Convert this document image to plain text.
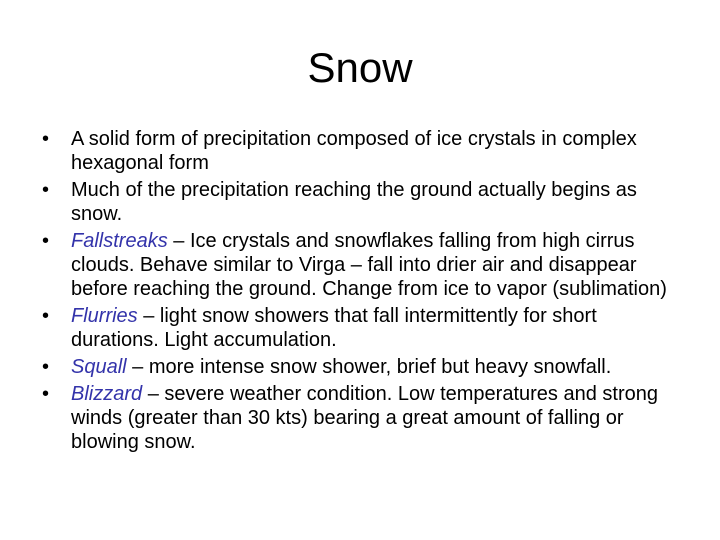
Snow
•	A solid form of precipitation composed of ice crystals in complex hexagonal form
•	Much of the precipitation reaching the ground actually begins as snow.
•	Fallstreaks – Ice crystals and snowflakes falling from high cirrus clouds. Behave similar to Virga – fall into drier air and disappear before reaching the ground. Change from ice to vapor (sublimation)
•	Flurries – light snow showers that fall intermittently for short durations. Light accumulation.
•	Squall – more intense snow shower, brief but heavy snowfall.
•	Blizzard – severe weather condition. Low temperatures and strong winds (greater than 30 kts) bearing a great amount of falling or blowing snow.
